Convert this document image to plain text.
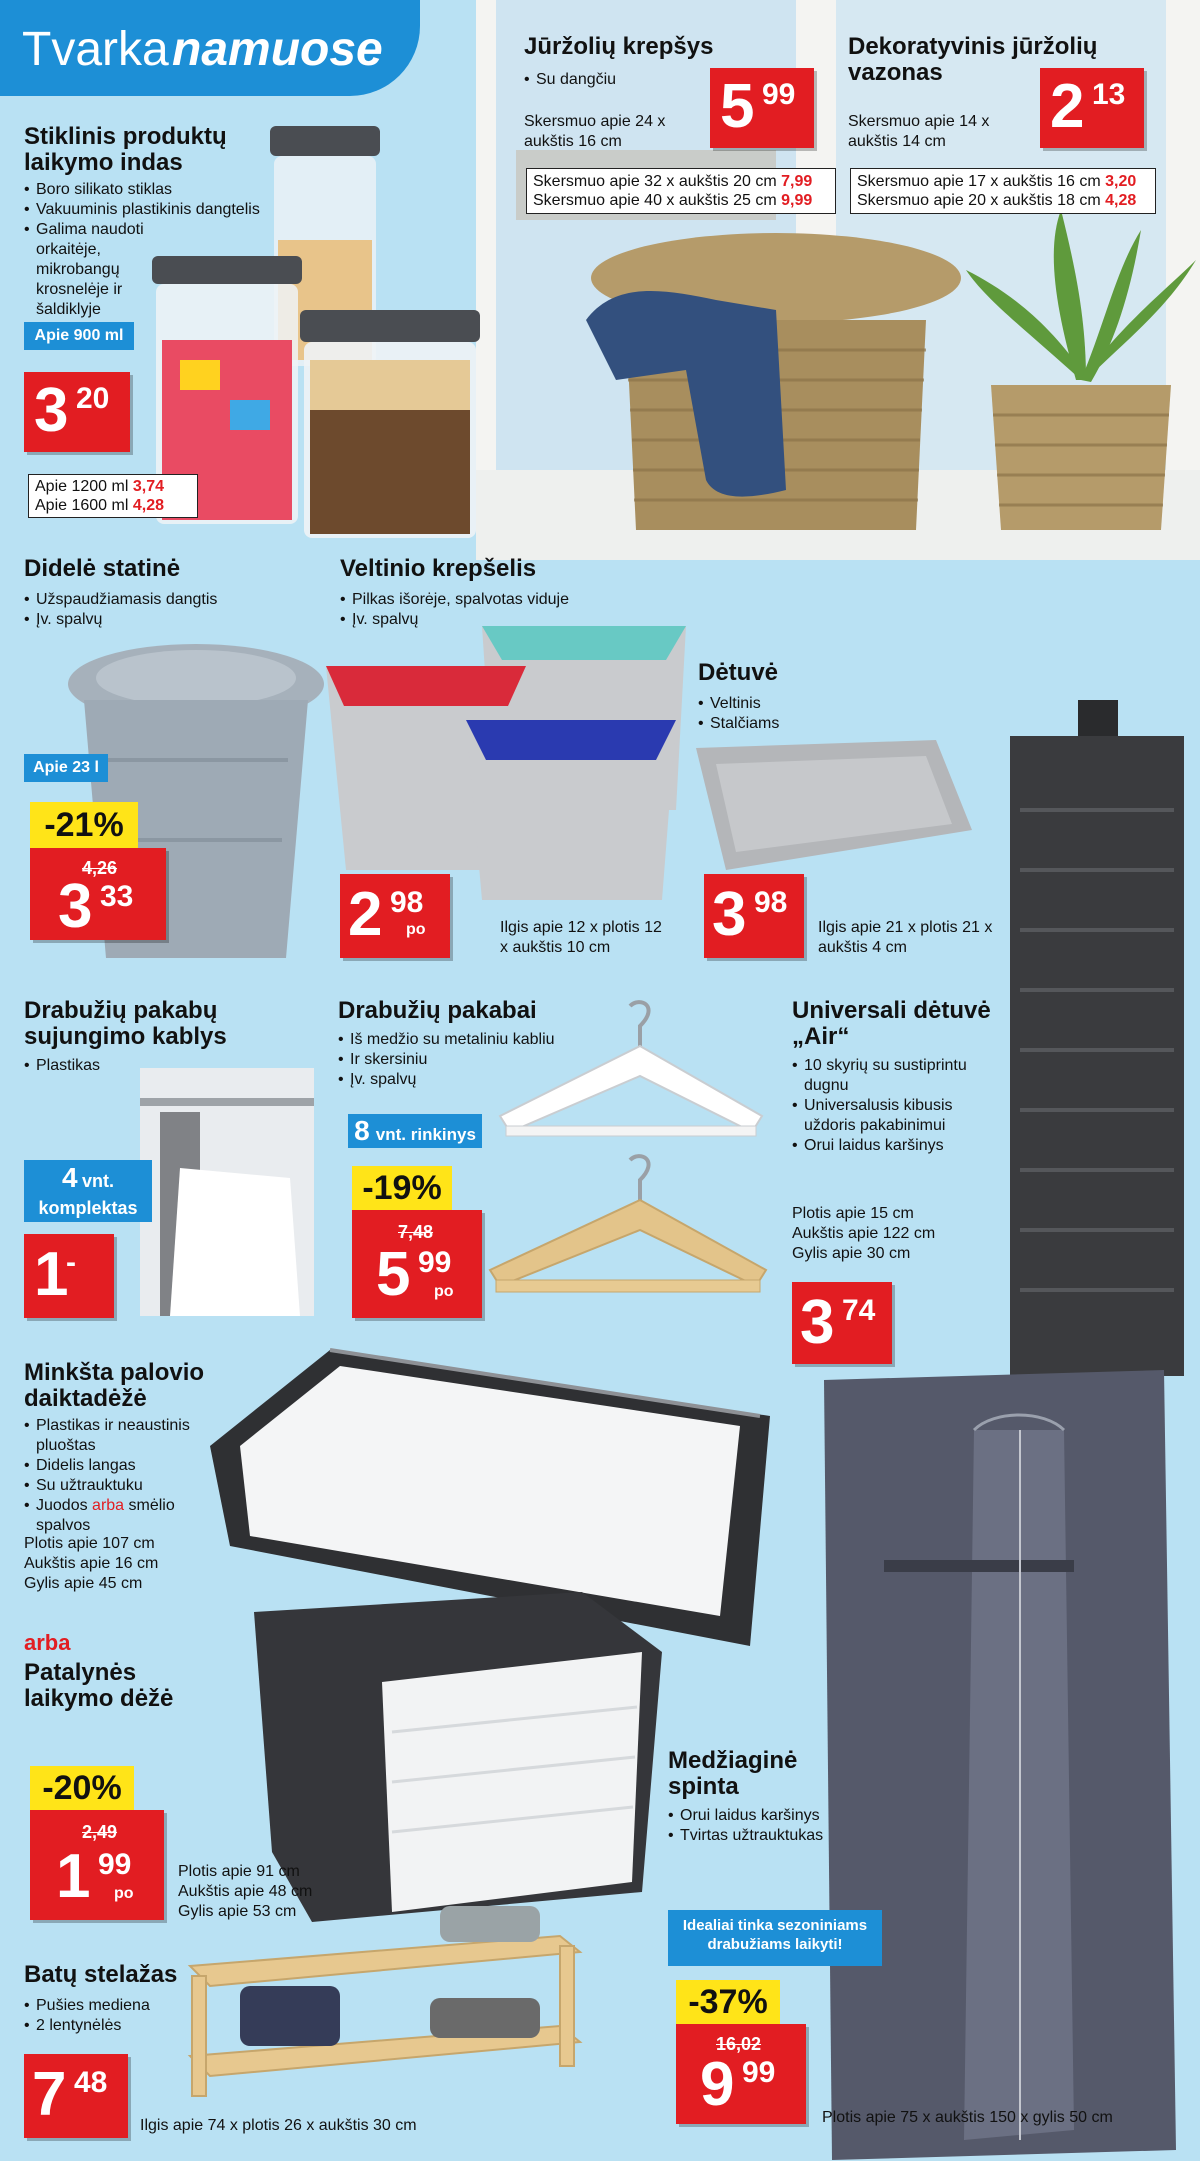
Tvarka namuose	Jūržolių krepšys
• Su dangčiu
Skersmuo apie 24 x aukštis 16 cm
5 99
Skersmuo apie 32 x aukštis 20 cm 7,99
Skersmuo apie 40 x aukštis 25 cm 9,99
Dekoratyvinis jūržolių vazonas
Skersmuo apie 14 x aukštis 14 cm
2 13
Skersmuo apie 17 x aukštis 16 cm 3,20
Skersmuo apie 20 x aukštis 18 cm 4,28
Stiklinis produktų laikymo indas
• Boro silikato stiklas
• Vakuuminis plastikinis dangtelis
• Galima naudoti orkaitėje, mikrobangų krosnelėje ir šaldiklyje
Apie 900 ml
3 20
Apie 1200 ml 3,74
Apie 1600 ml 4,28
Didelė statinė
• Užspaudžiamasis dangtis
• Įv. spalvų
Apie 23 l
-21%
4,26
3 33
Veltinio krepšelis
• Pilkas išorėje, spalvotas viduje
• Įv. spalvų
2 98
po	Ilgis apie 12 x plotis 12 x aukštis 10 cm
Dėtuvė
• Veltinis
• Stalčiams
3 98
Ilgis apie 21 x plotis 21 x aukštis 4 cm
Drabužių pakabų sujungimo kablys
• Plastikas
4 vnt.
komplektas
1
-
Drabužių pakabai
• Iš medžio su metaliniu kabliu
• Ir skersiniu
• Įv. spalvų
8 vnt. rinkinys
-19%
7,48
5 99
po
Universali dėtuvė „Air“
• 10 skyrių su sustiprintu dugnu
• Universalusis kibusis uždoris pakabinimui
• Orui laidus karšinys
Plotis apie 15 cm
Aukštis apie 122 cm
Gylis apie 30 cm
3 74
Minkšta palovio daiktadėžė
• Plastikas ir neaustinis pluoštas
• Didelis langas
• Su užtrauktuku
• Juodos arba smėlio spalvos
Plotis apie 107 cm
Aukštis apie 16 cm
Gylis apie 45 cm
arba
Patalynės laikymo dėžė
-20%
2,49
1 99
po
Plotis apie 91 cm
Aukštis apie 48 cm
Gylis apie 53 cm
Medžiaginė spinta
• Orui laidus karšinys
• Tvirtas užtrauktukas
Idealiai tinka sezoniniams drabužiams laikyti!
-37%
16,02
9 99
Plotis apie 75 x aukštis 150 x gylis 50 cm
Batų stelažas
• Pušies mediena
• 2 lentynėlės
7 48
Ilgis apie 74 x plotis 26 x aukštis 30 cm
